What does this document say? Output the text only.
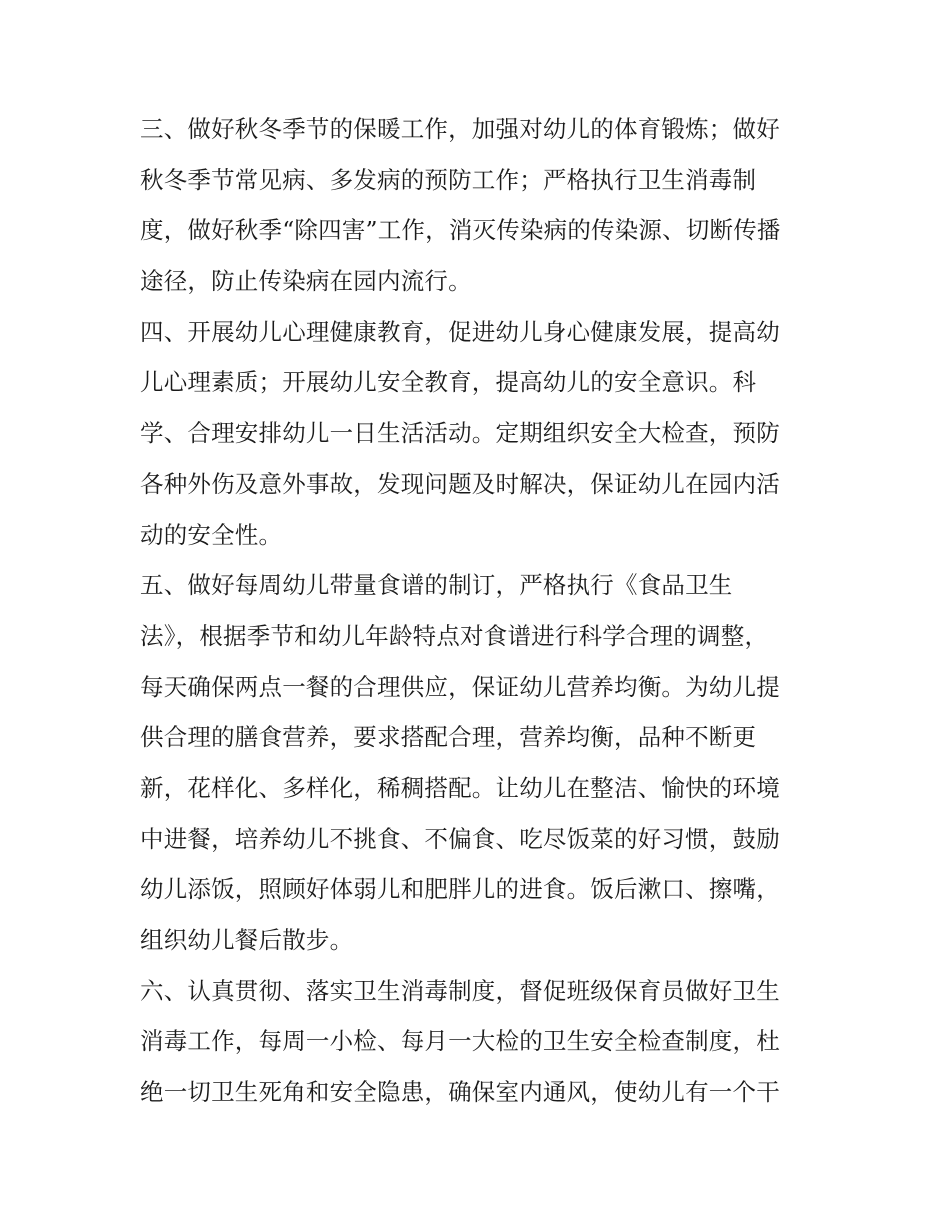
三、做好秋冬季节的保暖工作，加强对幼儿的体育锻炼；做好
秋冬季节常见病、多发病的预防工作；严格执行卫生消毒制
度，做好秋季“除四害”工作，消灭传染病的传染源、切断传播
途径，防止传染病在园内流行。
四、开展幼儿心理健康教育，促进幼儿身心健康发展，提高幼
儿心理素质；开展幼儿安全教育，提高幼儿的安全意识。科
学、合理安排幼儿一日生活活动。定期组织安全大检查，预防
各种外伤及意外事故，发现问题及时解决，保证幼儿在园内活
动的安全性。
五、做好每周幼儿带量食谱的制订，严格执行《食品卫生
法》，根据季节和幼儿年龄特点对食谱进行科学合理的调整，
每天确保两点一餐的合理供应，保证幼儿营养均衡。为幼儿提
供合理的膳食营养，要求搭配合理，营养均衡，品种不断更
新，花样化、多样化，稀稠搭配。让幼儿在整洁、愉快的环境
中进餐，培养幼儿不挑食、不偏食、吃尽饭菜的好习惯，鼓励
幼儿添饭，照顾好体弱儿和肥胖儿的进食。饭后漱口、擦嘴，
组织幼儿餐后散步。
六、认真贯彻、落实卫生消毒制度，督促班级保育员做好卫生
消毒工作，每周一小检、每月一大检的卫生安全检查制度，杜
绝一切卫生死角和安全隐患，确保室内通风，使幼儿有一个干
